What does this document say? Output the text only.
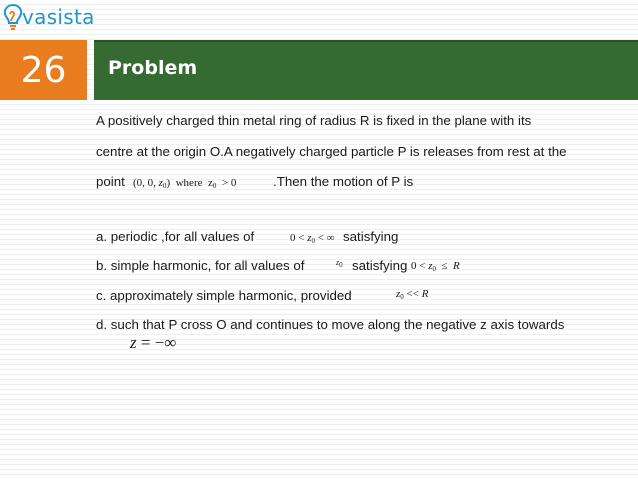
vasista
26 Problem
A positively charged thin metal ring of radius R is fixed in the plane with its
centre at the origin O.A negatively charged particle P is releases from rest at the
point (0, 0, $z_0$)  where  $z_0 > 0$	.Then the motion of P is
a. periodic ,for all values of	$0 < z_0$ < ∞ satisfying
b. simple harmonic, for all values of	$z_0$ satisfying $0 < z_0 \le R$
c. approximately simple harmonic, provided	$z_0 << R$
d. such that P cross O and continues to move along the negative z axis towards
z = −∞
